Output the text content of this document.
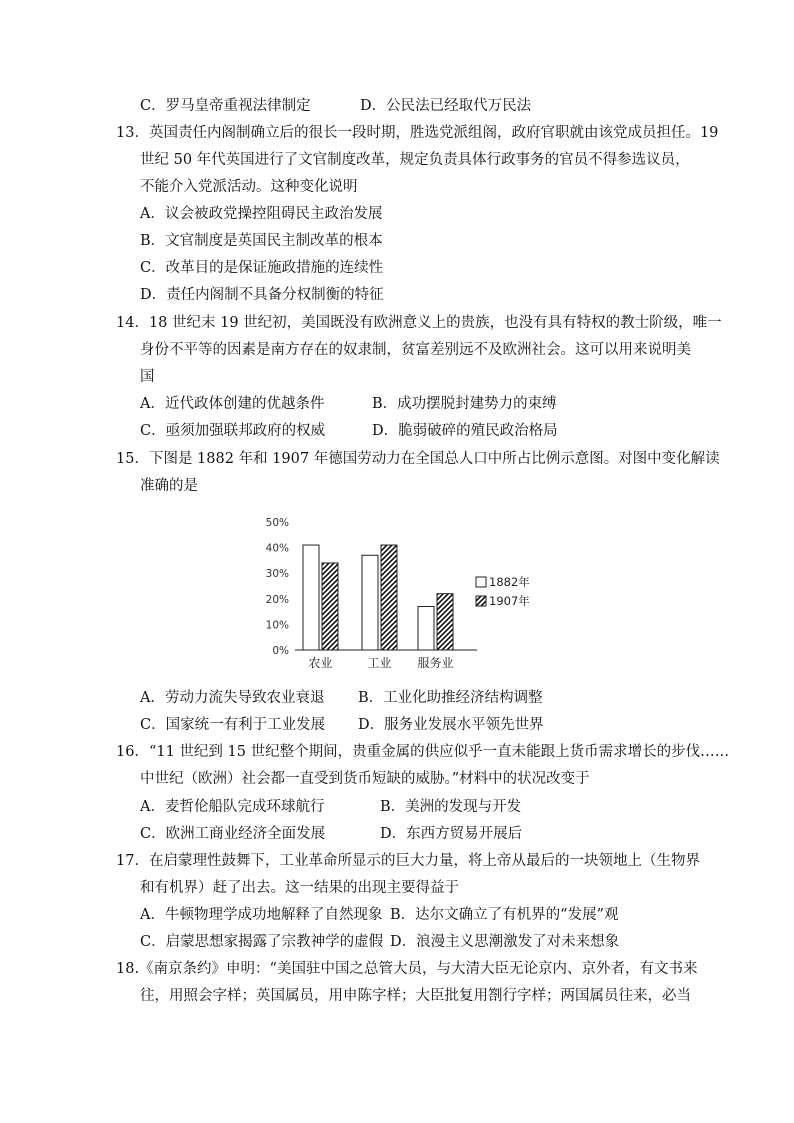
C．罗马皇帝重视法律制定	D．公民法已经取代万民法
13．英国责任内阁制确立后的很长一段时期，胜选党派组阁，政府官职就由该党成员担任。19
世纪 50 年代英国进行了文官制度改革，规定负责具体行政事务的官员不得参选议员，
不能介入党派活动。这种变化说明
A．议会被政党操控阻碍民主政治发展
B．文官制度是英国民主制改革的根本
C．改革目的是保证施政措施的连续性
D．责任内阁制不具备分权制衡的特征
14．18 世纪末 19 世纪初，美国既没有欧洲意义上的贵族，也没有具有特权的教士阶级，唯一
身份不平等的因素是南方存在的奴隶制，贫富差别远不及欧洲社会。这可以用来说明美
国
A．近代政体创建的优越条件	B．成功摆脱封建势力的束缚
C．亟须加强联邦政府的权威	D．脆弱破碎的殖民政治格局
15．下图是 1882 年和 1907 年德国劳动力在全国总人口中所占比例示意图。对图中变化解读
准确的是
50%
40%
30%
20%
10%
0%
农业	工业 服务业
1882年
1907年
A．劳动力流失导致农业衰退 B．工业化助推经济结构调整
C．国家统一有利于工业发展 D．服务业发展水平领先世界
16．“11 世纪到 15 世纪整个期间，贵重金属的供应似乎一直未能跟上货币需求增长的步伐……
中世纪（欧洲）社会都一直受到货币短缺的威胁。”材料中的状况改变于
A．麦哲伦船队完成环球航行	B．美洲的发现与开发
C．欧洲工商业经济全面发展	D．东西方贸易开展后
17．在启蒙理性鼓舞下，工业革命所显示的巨大力量，将上帝从最后的一块领地上（生物界
和有机界）赶了出去。这一结果的出现主要得益于
A．牛顿物理学成功地解释了自然现象 B．达尔文确立了有机界的“发展”观
C．启蒙思想家揭露了宗教神学的虚假 D．浪漫主义思潮激发了对未来想象
18.《南京条约》申明：“美国驻中国之总管大员，与大清大臣无论京内、京外者，有文书来
往，用照会字样；英国属员，用申陈字样；大臣批复用劄行字样；两国属员往来，必当
